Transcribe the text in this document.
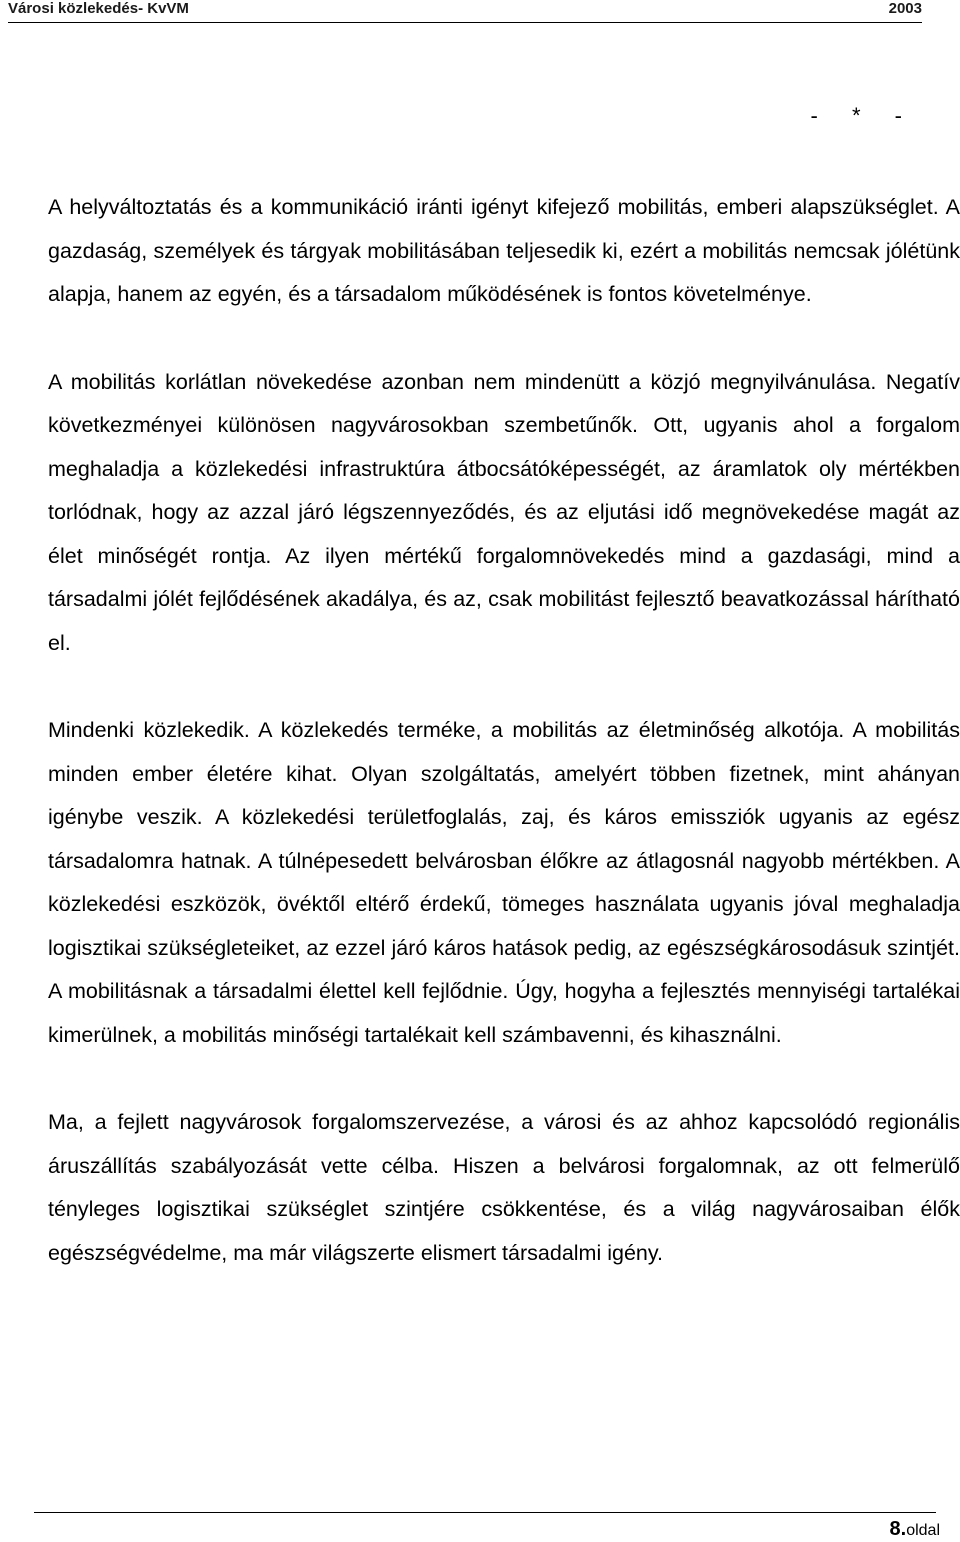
Városi közlekedés- KvVM	2003
- * -

A helyváltoztatás és a kommunikáció iránti igényt kifejező mobilitás, emberi alapszükséglet. A gazdaság, személyek és tárgyak mobilitásában teljesedik ki, ezért a mobilitás nemcsak jólétünk alapja, hanem az egyén, és a társadalom működésének is fontos követelménye.

A mobilitás korlátlan növekedése azonban nem mindenütt a közjó megnyilvánulása. Negatív következményei különösen nagyvárosokban szembetűnők. Ott, ugyanis ahol a forgalom meghaladja a közlekedési infrastruktúra átbocsátóképességét, az áramlatok oly mértékben torlódnak, hogy az azzal járó légszennyeződés, és az eljutási idő megnövekedése magát az élet minőségét rontja. Az ilyen mértékű forgalomnövekedés mind a gazdasági, mind a társadalmi jólét fejlődésének akadálya, és az, csak mobilitást fejlesztő beavatkozással hárítható el.

Mindenki közlekedik. A közlekedés terméke, a mobilitás az életminőség alkotója. A mobilitás minden ember életére kihat. Olyan szolgáltatás, amelyért többen fizetnek, mint ahányan igénybe veszik. A közlekedési területfoglalás, zaj, és káros emissziók ugyanis az egész társadalomra hatnak. A túlnépesedett belvárosban élőkre az átlagosnál nagyobb mértékben. A közlekedési eszközök, övéktől eltérő érdekű, tömeges használata ugyanis jóval meghaladja logisztikai szükségleteiket, az ezzel járó káros hatások pedig, az egészségkárosodásuk szintjét. A mobilitásnak a társadalmi élettel kell fejlődnie. Úgy, hogyha a fejlesztés mennyiségi tartalékai kimerülnek, a mobilitás minőségi tartalékait kell számbavenni, és kihasználni.

Ma, a fejlett nagyvárosok forgalomszervezése, a városi és az ahhoz kapcsolódó regionális áruszállítás szabályozását vette célba. Hiszen a belvárosi forgalomnak, az ott felmerülő tényleges logisztikai szükséglet szintjére csökkentése, és a világ nagyvárosaiban élők egészségvédelme, ma már világszerte elismert társadalmi igény.

8.oldal
